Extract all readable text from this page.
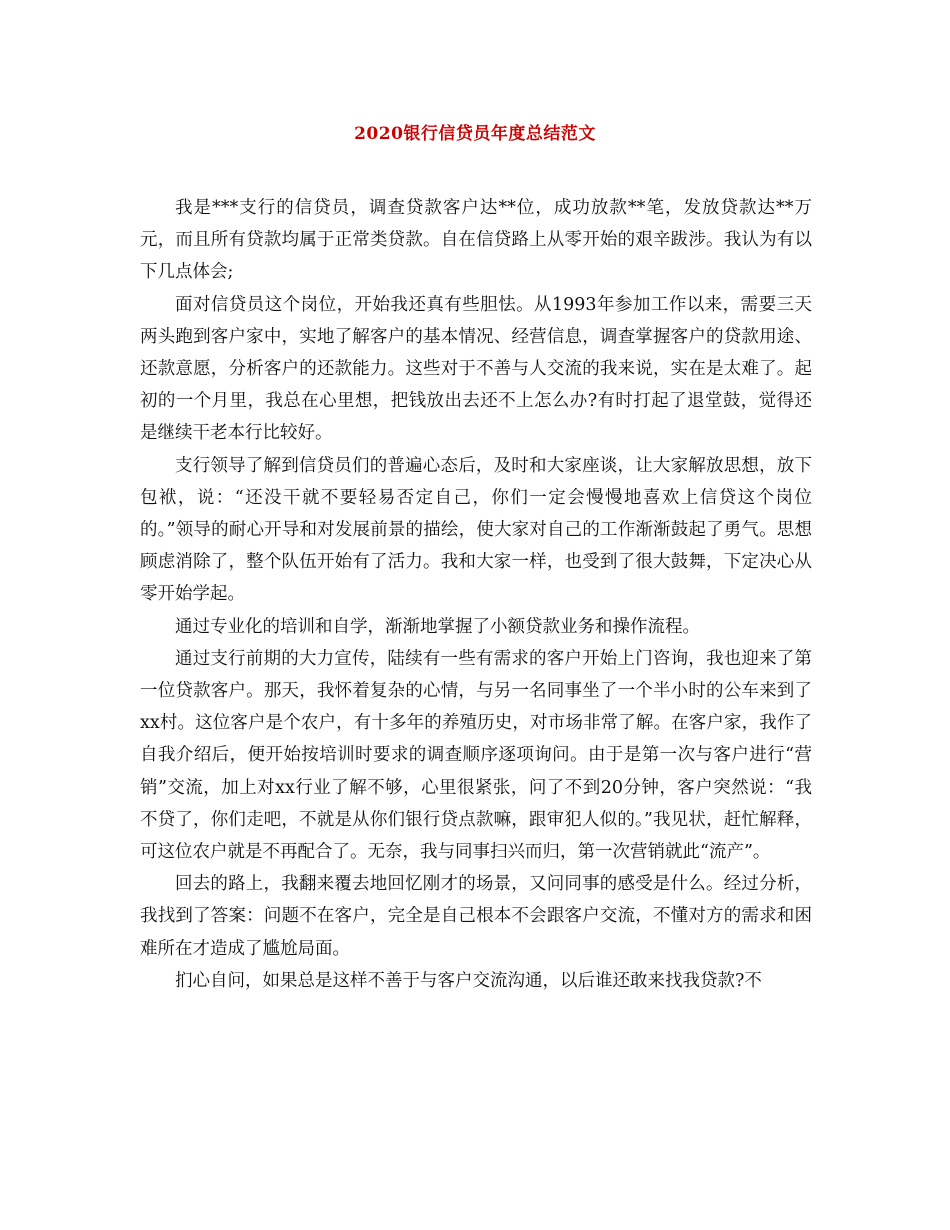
2020银行信贷员年度总结范文

我是***支行的信贷员，调查贷款客户达**位，成功放款**笔，发放贷款达**万元，而且所有贷款均属于正常类贷款。自在信贷路上从零开始的艰辛跋涉。我认为有以下几点体会;

面对信贷员这个岗位，开始我还真有些胆怯。从1993年参加工作以来，需要三天两头跑到客户家中，实地了解客户的基本情况、经营信息，调查掌握客户的贷款用途、还款意愿，分析客户的还款能力。这些对于不善与人交流的我来说，实在是太难了。起初的一个月里，我总在心里想，把钱放出去还不上怎么办?有时打起了退堂鼓，觉得还是继续干老本行比较好。

支行领导了解到信贷员们的普遍心态后，及时和大家座谈，让大家解放思想，放下包袱，说：“还没干就不要轻易否定自己，你们一定会慢慢地喜欢上信贷这个岗位的。”领导的耐心开导和对发展前景的描绘，使大家对自己的工作渐渐鼓起了勇气。思想顾虑消除了，整个队伍开始有了活力。我和大家一样，也受到了很大鼓舞，下定决心从零开始学起。

通过专业化的培训和自学，渐渐地掌握了小额贷款业务和操作流程。

通过支行前期的大力宣传，陆续有一些有需求的客户开始上门咨询，我也迎来了第一位贷款客户。那天，我怀着复杂的心情，与另一名同事坐了一个半小时的公车来到了xx村。这位客户是个农户，有十多年的养殖历史，对市场非常了解。在客户家，我作了自我介绍后，便开始按培训时要求的调查顺序逐项询问。由于是第一次与客户进行“营销”交流，加上对xx行业了解不够，心里很紧张，问了不到20分钟，客户突然说：“我不贷了，你们走吧，不就是从你们银行贷点款嘛，跟审犯人似的。”我见状，赶忙解释，可这位农户就是不再配合了。无奈，我与同事扫兴而归，第一次营销就此“流产”。

回去的路上，我翻来覆去地回忆刚才的场景，又问同事的感受是什么。经过分析，我找到了答案：问题不在客户，完全是自己根本不会跟客户交流，不懂对方的需求和困难所在才造成了尴尬局面。

扪心自问，如果总是这样不善于与客户交流沟通，以后谁还敢来找我贷款?不
